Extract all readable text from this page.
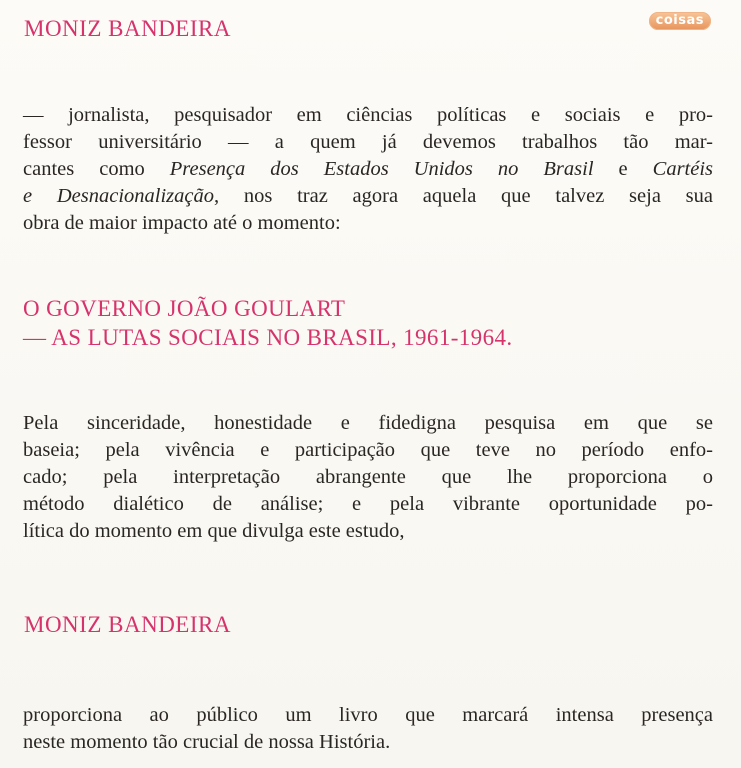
coisas
MONIZ BANDEIRA

— jornalista, pesquisador em ciências políticas e sociais e pro-
fessor universitário — a quem já devemos trabalhos tão mar-
cantes como Presença dos Estados Unidos no Brasil e Cartéis
e Desnacionalização, nos traz agora aquela que talvez seja sua
obra de maior impacto até o momento:

O GOVERNO JOÃO GOULART
— AS LUTAS SOCIAIS NO BRASIL, 1961-1964.

Pela sinceridade, honestidade e fidedigna pesquisa em que se
baseia; pela vivência e participação que teve no período enfo-
cado; pela interpretação abrangente que lhe proporciona o
método dialético de análise; e pela vibrante oportunidade po-
lítica do momento em que divulga este estudo,

MONIZ BANDEIRA

proporciona ao público um livro que marcará intensa presença
neste momento tão crucial de nossa História.
